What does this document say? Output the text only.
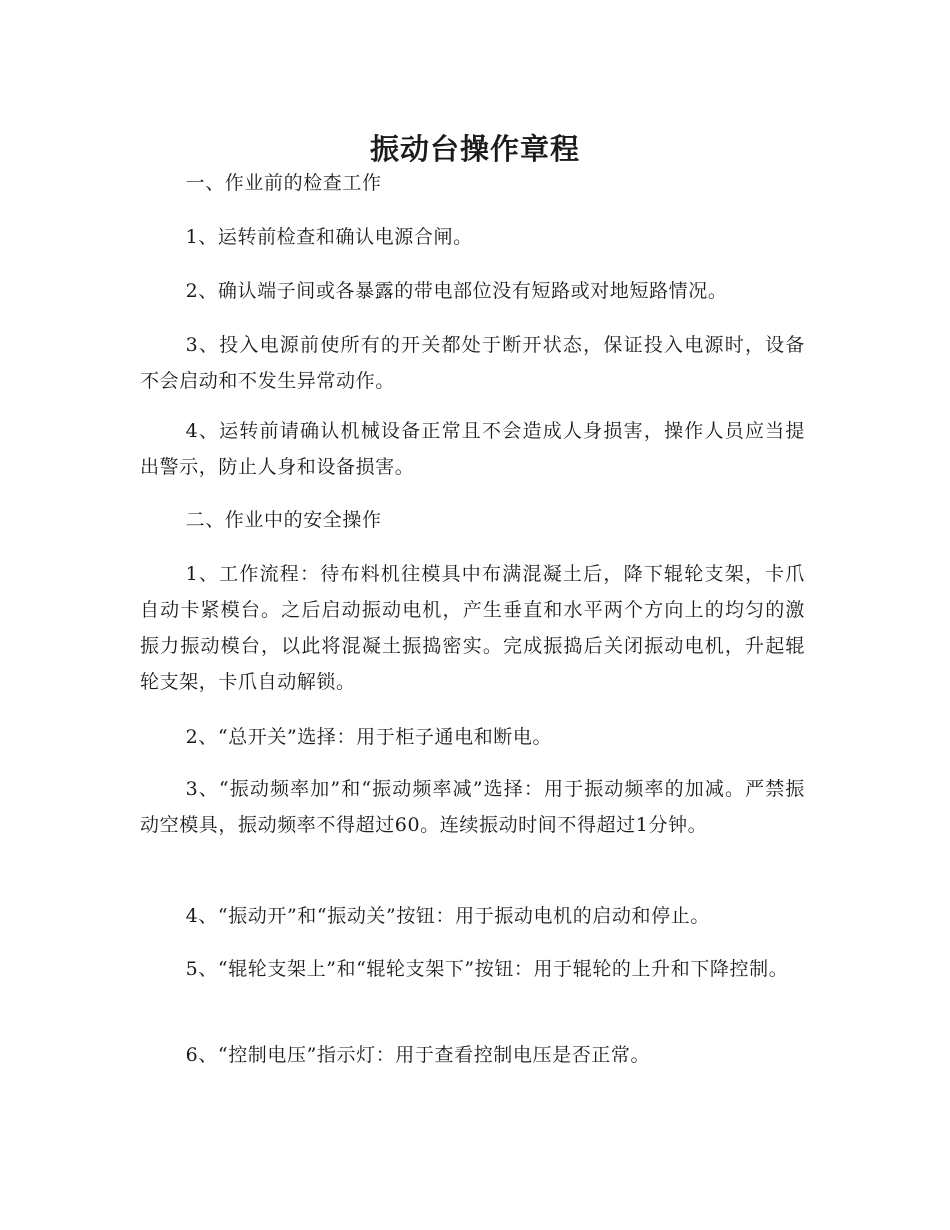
振动台操作章程

一、作业前的检查工作

1、运转前检查和确认电源合闸。

2、确认端子间或各暴露的带电部位没有短路或对地短路情况。

3、投入电源前使所有的开关都处于断开状态，保证投入电源时，设备不会启动和不发生异常动作。

4、运转前请确认机械设备正常且不会造成人身损害，操作人员应当提出警示，防止人身和设备损害。

二、作业中的安全操作

1、工作流程：待布料机往模具中布满混凝土后，降下辊轮支架，卡爪自动卡紧模台。之后启动振动电机，产生垂直和水平两个方向上的均匀的激振力振动模台，以此将混凝土振捣密实。完成振捣后关闭振动电机，升起辊轮支架，卡爪自动解锁。

2、“总开关”选择：用于柜子通电和断电。

3、“振动频率加”和“振动频率减”选择：用于振动频率的加减。严禁振动空模具，振动频率不得超过60。连续振动时间不得超过1分钟。

4、“振动开”和“振动关”按钮：用于振动电机的启动和停止。

5、“辊轮支架上”和“辊轮支架下”按钮：用于辊轮的上升和下降控制。

6、“控制电压”指示灯：用于查看控制电压是否正常。
